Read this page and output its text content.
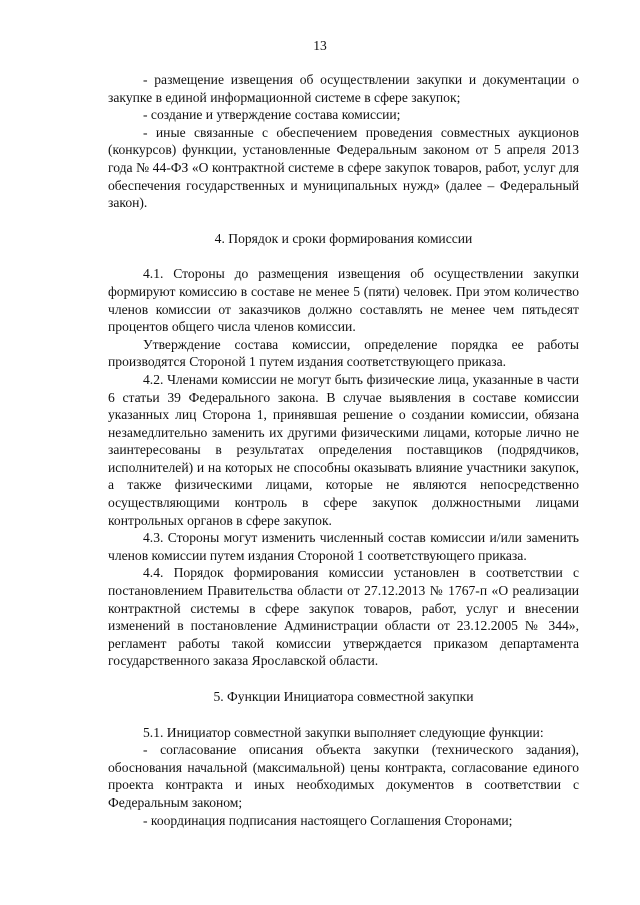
13

- размещение извещения об осуществлении закупки и документации о закупке в единой информационной системе в сфере закупок;

- создание и утверждение состава комиссии;

- иные связанные с обеспечением проведения совместных аукционов (конкурсов) функции, установленные Федеральным законом от 5 апреля 2013 года № 44-ФЗ «О контрактной системе в сфере закупок товаров, работ, услуг для обеспечения государственных и муниципальных нужд» (далее – Федеральный закон).

4. Порядок и сроки формирования комиссии

4.1. Стороны до размещения извещения об осуществлении закупки формируют комиссию в составе не менее 5 (пяти) человек. При этом количество членов комиссии от заказчиков должно составлять не менее чем пятьдесят процентов общего числа членов комиссии.

Утверждение состава комиссии, определение порядка ее работы производятся Стороной 1 путем издания соответствующего приказа.

4.2. Членами комиссии не могут быть физические лица, указанные в части 6 статьи 39 Федерального закона. В случае выявления в составе комиссии указанных лиц Сторона 1, принявшая решение о создании комиссии, обязана незамедлительно заменить их другими физическими лицами, которые лично не заинтересованы в результатах определения поставщиков (подрядчиков, исполнителей) и на которых не способны оказывать влияние участники закупок, а также физическими лицами, которые не являются непосредственно осуществляющими контроль в сфере закупок должностными лицами контрольных органов в сфере закупок.

4.3. Стороны могут изменить численный состав комиссии и/или заменить членов комиссии путем издания Стороной 1 соответствующего приказа.

4.4. Порядок формирования комиссии установлен в соответствии с постановлением Правительства области от 27.12.2013 № 1767-п «О реализации контрактной системы в сфере закупок товаров, работ, услуг и внесении изменений в постановление Администрации области от 23.12.2005 № 344», регламент работы такой комиссии утверждается приказом департамента государственного заказа Ярославской области.

5. Функции Инициатора совместной закупки

5.1. Инициатор совместной закупки выполняет следующие функции:

- согласование описания объекта закупки (технического задания), обоснования начальной (максимальной) цены контракта, согласование единого проекта контракта и иных необходимых документов в соответствии с Федеральным законом;

- координация подписания настоящего Соглашения Сторонами;
